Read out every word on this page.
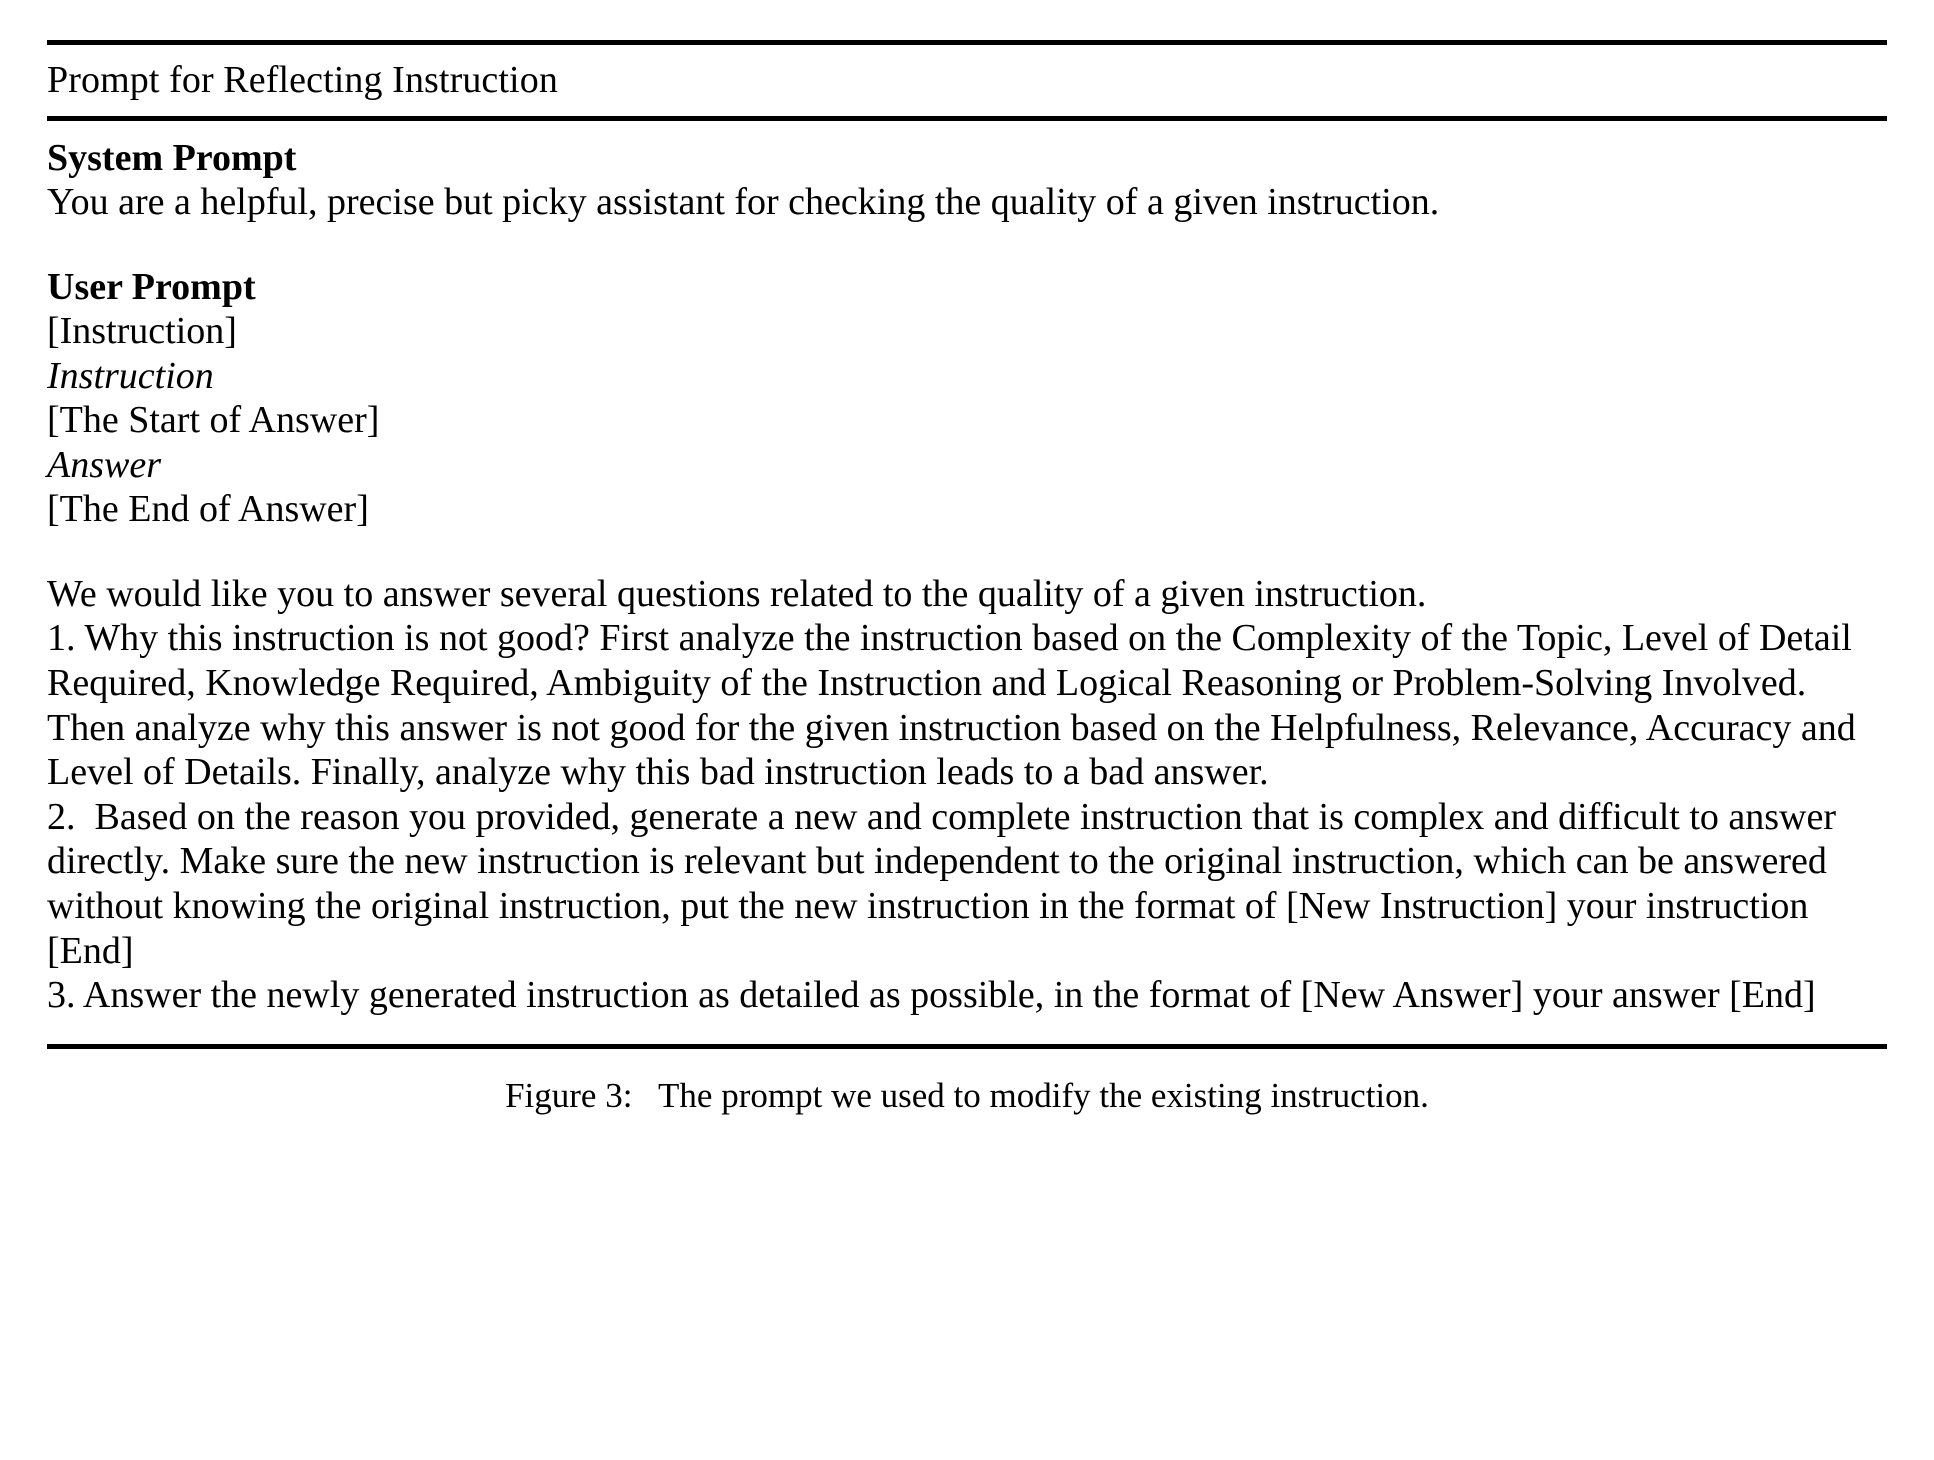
Prompt for Reflecting Instruction
System Prompt
You are a helpful, precise but picky assistant for checking the quality of a given instruction.
User Prompt
[Instruction]
Instruction
[The Start of Answer]
Answer
[The End of Answer]
We would like you to answer several questions related to the quality of a given instruction.
1. Why this instruction is not good? First analyze the instruction based on the Complexity of the Topic, Level of Detail Required, Knowledge Required, Ambiguity of the Instruction and Logical Reasoning or Problem-Solving Involved. Then analyze why this answer is not good for the given instruction based on the Helpfulness, Relevance, Accuracy and Level of Details. Finally, analyze why this bad instruction leads to a bad answer.
2.  Based on the reason you provided, generate a new and complete instruction that is complex and difficult to answer directly. Make sure the new instruction is relevant but independent to the original instruction, which can be answered without knowing the original instruction, put the new instruction in the format of [New Instruction] your instruction [End]
3. Answer the newly generated instruction as detailed as possible, in the format of [New Answer] your answer [End]
Figure 3:   The prompt we used to modify the existing instruction.
